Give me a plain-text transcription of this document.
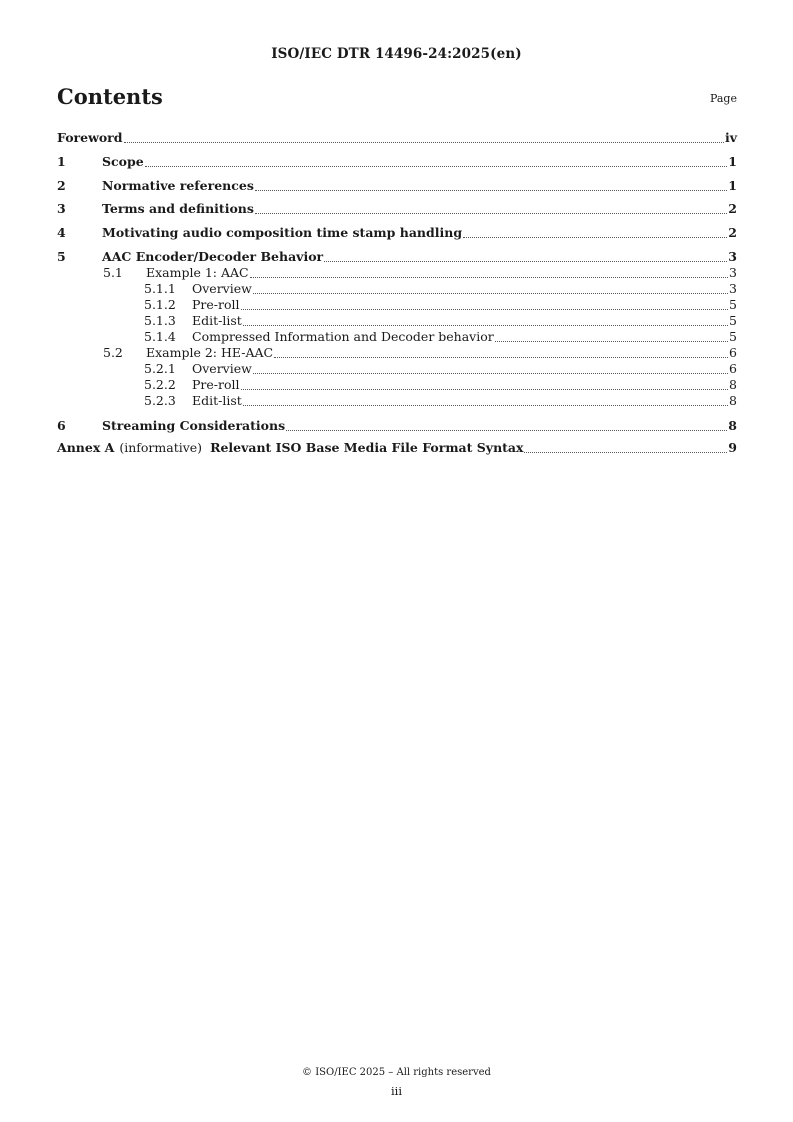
ISO/IEC DTR 14496-24:2025(en)
Contents	Page
Foreword	iv
1	Scope	1
2	Normative references	1
3	Terms and definitions	2
4	Motivating audio composition time stamp handling	2
5	AAC Encoder/Decoder Behavior	3
5.1	Example 1: AAC	3
5.1.1	Overview	3
5.1.2	Pre-roll	5
5.1.3	Edit-list	5
5.1.4	Compressed Information and Decoder behavior	5
5.2	Example 2: HE-AAC	6
5.2.1	Overview	6
5.2.2	Pre-roll	8
5.2.3	Edit-list	8
6	Streaming Considerations	8
Annex A (informative) Relevant ISO Base Media File Format Syntax	9
© ISO/IEC 2025 – All rights reserved
iii
